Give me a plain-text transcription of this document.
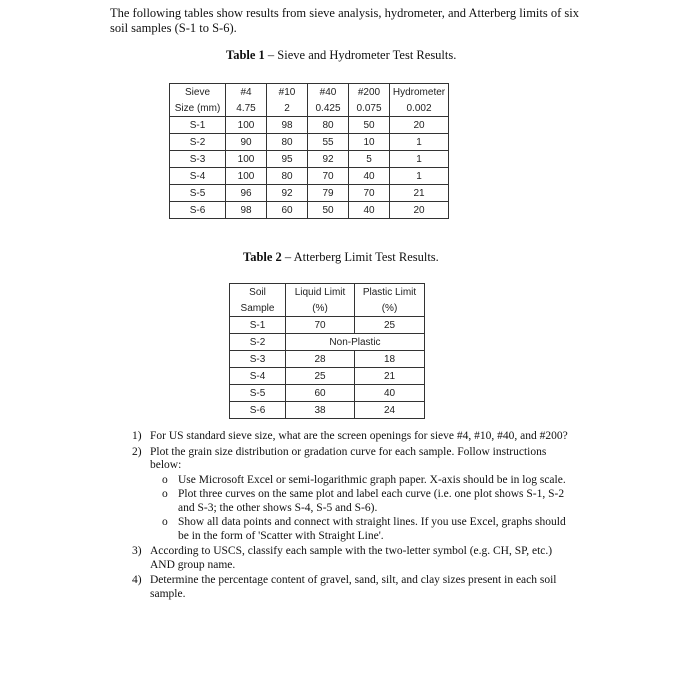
The following tables show results from sieve analysis, hydrometer, and Atterberg limits of six soil samples (S-1 to S-6).
Table 1 – Sieve and Hydrometer Test Results.
Sieve	#4	#10	#40	#200	Hydrometer
Size (mm)	4.75	2	0.425	0.075	0.002
S-1	100	98	80	50	20
S-2	90	80	55	10	1
S-3	100	95	92	5	1
S-4	100	80	70	40	1
S-5	96	92	79	70	21
S-6	98	60	50	40	20
Table 2 – Atterberg Limit Test Results.
Soil	Liquid Limit	Plastic Limit
Sample	(%)	(%)
S-1	70	25
S-2	Non-Plastic	
S-3	28	18
S-4	25	21
S-5	60	40
S-6	38	24
1) For US standard sieve size, what are the screen openings for sieve #4, #10, #40, and #200?
2) Plot the grain size distribution or gradation curve for each sample. Follow instructions below:
o Use Microsoft Excel or semi-logarithmic graph paper. X-axis should be in log scale.
o Plot three curves on the same plot and label each curve (i.e. one plot shows S-1, S-2 and S-3; the other shows S-4, S-5 and S-6).
o Show all data points and connect with straight lines. If you use Excel, graphs should be in the form of 'Scatter with Straight Line'.
3) According to USCS, classify each sample with the two-letter symbol (e.g. CH, SP, etc.) AND group name.
4) Determine the percentage content of gravel, sand, silt, and clay sizes present in each soil sample.
